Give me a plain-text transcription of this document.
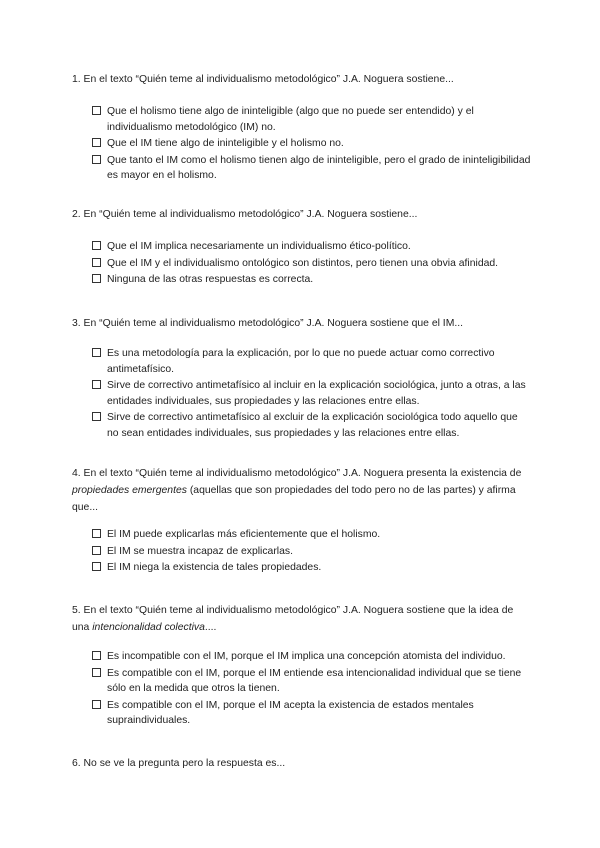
1. En el texto “Quién teme al individualismo metodológico” J.A. Noguera sostiene...
Que el holismo tiene algo de ininteligible (algo que no puede ser entendido) y el individualismo metodológico (IM) no.
Que el IM tiene algo de ininteligible y el holismo no.
Que tanto el IM como el holismo tienen algo de ininteligible, pero el grado de ininteligibilidad es mayor en el holismo.
2. En “Quién teme al individualismo metodológico” J.A. Noguera sostiene...
Que el IM implica necesariamente un individualismo ético-político.
Que el IM y el individualismo ontológico son distintos, pero tienen una obvia afinidad.
Ninguna de las otras respuestas es correcta.
3. En “Quién teme al individualismo metodológico” J.A. Noguera sostiene que el IM...
Es una metodología para la explicación, por lo que no puede actuar como correctivo antimetafísico.
Sirve de correctivo antimetafísico al incluir en la explicación sociológica, junto a otras, a las entidades individuales, sus propiedades y las relaciones entre ellas.
Sirve de correctivo antimetafísico al excluir de la explicación sociológica todo aquello que no sean entidades individuales, sus propiedades y las relaciones entre ellas.
4. En el texto “Quién teme al individualismo metodológico” J.A. Noguera presenta la existencia de propiedades emergentes (aquellas que son propiedades del todo pero no de las partes) y afirma que...
El IM puede explicarlas más eficientemente que el holismo.
El IM se muestra incapaz de explicarlas.
El IM niega la existencia de tales propiedades.
5. En el texto “Quién teme al individualismo metodológico” J.A. Noguera sostiene que la idea de una intencionalidad colectiva....
Es incompatible con el IM, porque el IM implica una concepción atomista del individuo.
Es compatible con el IM, porque el IM entiende esa intencionalidad individual que se tiene sólo en la medida que otros la tienen.
Es compatible con el IM, porque el IM acepta la existencia de estados mentales supraindividuales.
6. No se ve la pregunta pero la respuesta es...
